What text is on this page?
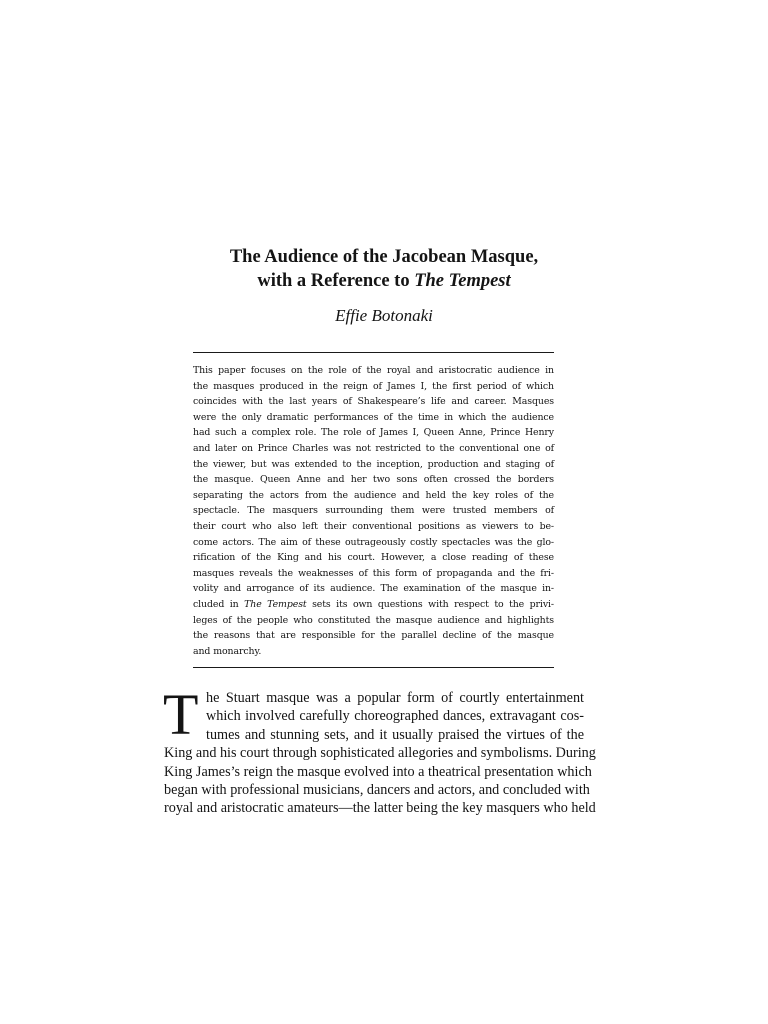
The Audience of the Jacobean Masque,
with a Reference to The Tempest
Effie Botonaki
This paper focuses on the role of the royal and aristocratic audience in
the masques produced in the reign of James I, the first period of which
coincides with the last years of Shakespeare’s life and career. Masques
were the only dramatic performances of the time in which the audience
had such a complex role. The role of James I, Queen Anne, Prince Henry
and later on Prince Charles was not restricted to the conventional one of
the viewer, but was extended to the inception, production and staging of
the masque. Queen Anne and her two sons often crossed the borders
separating the actors from the audience and held the key roles of the
spectacle. The masquers surrounding them were trusted members of
their court who also left their conventional positions as viewers to be-
come actors. The aim of these outrageously costly spectacles was the glo-
rification of the King and his court. However, a close reading of these
masques reveals the weaknesses of this form of propaganda and the fri-
volity and arrogance of its audience. The examination of the masque in-
cluded in The Tempest sets its own questions with respect to the privi-
leges of the people who constituted the masque audience and highlights
the reasons that are responsible for the parallel decline of the masque
and monarchy.
T he Stuart masque was a popular form of courtly entertainment
which involved carefully choreographed dances, extravagant cos-
tumes and stunning sets, and it usually praised the virtues of the
King and his court through sophisticated allegories and symbolisms. During
King James’s reign the masque evolved into a theatrical presentation which
began with professional musicians, dancers and actors, and concluded with
royal and aristocratic amateurs—the latter being the key masquers who held
